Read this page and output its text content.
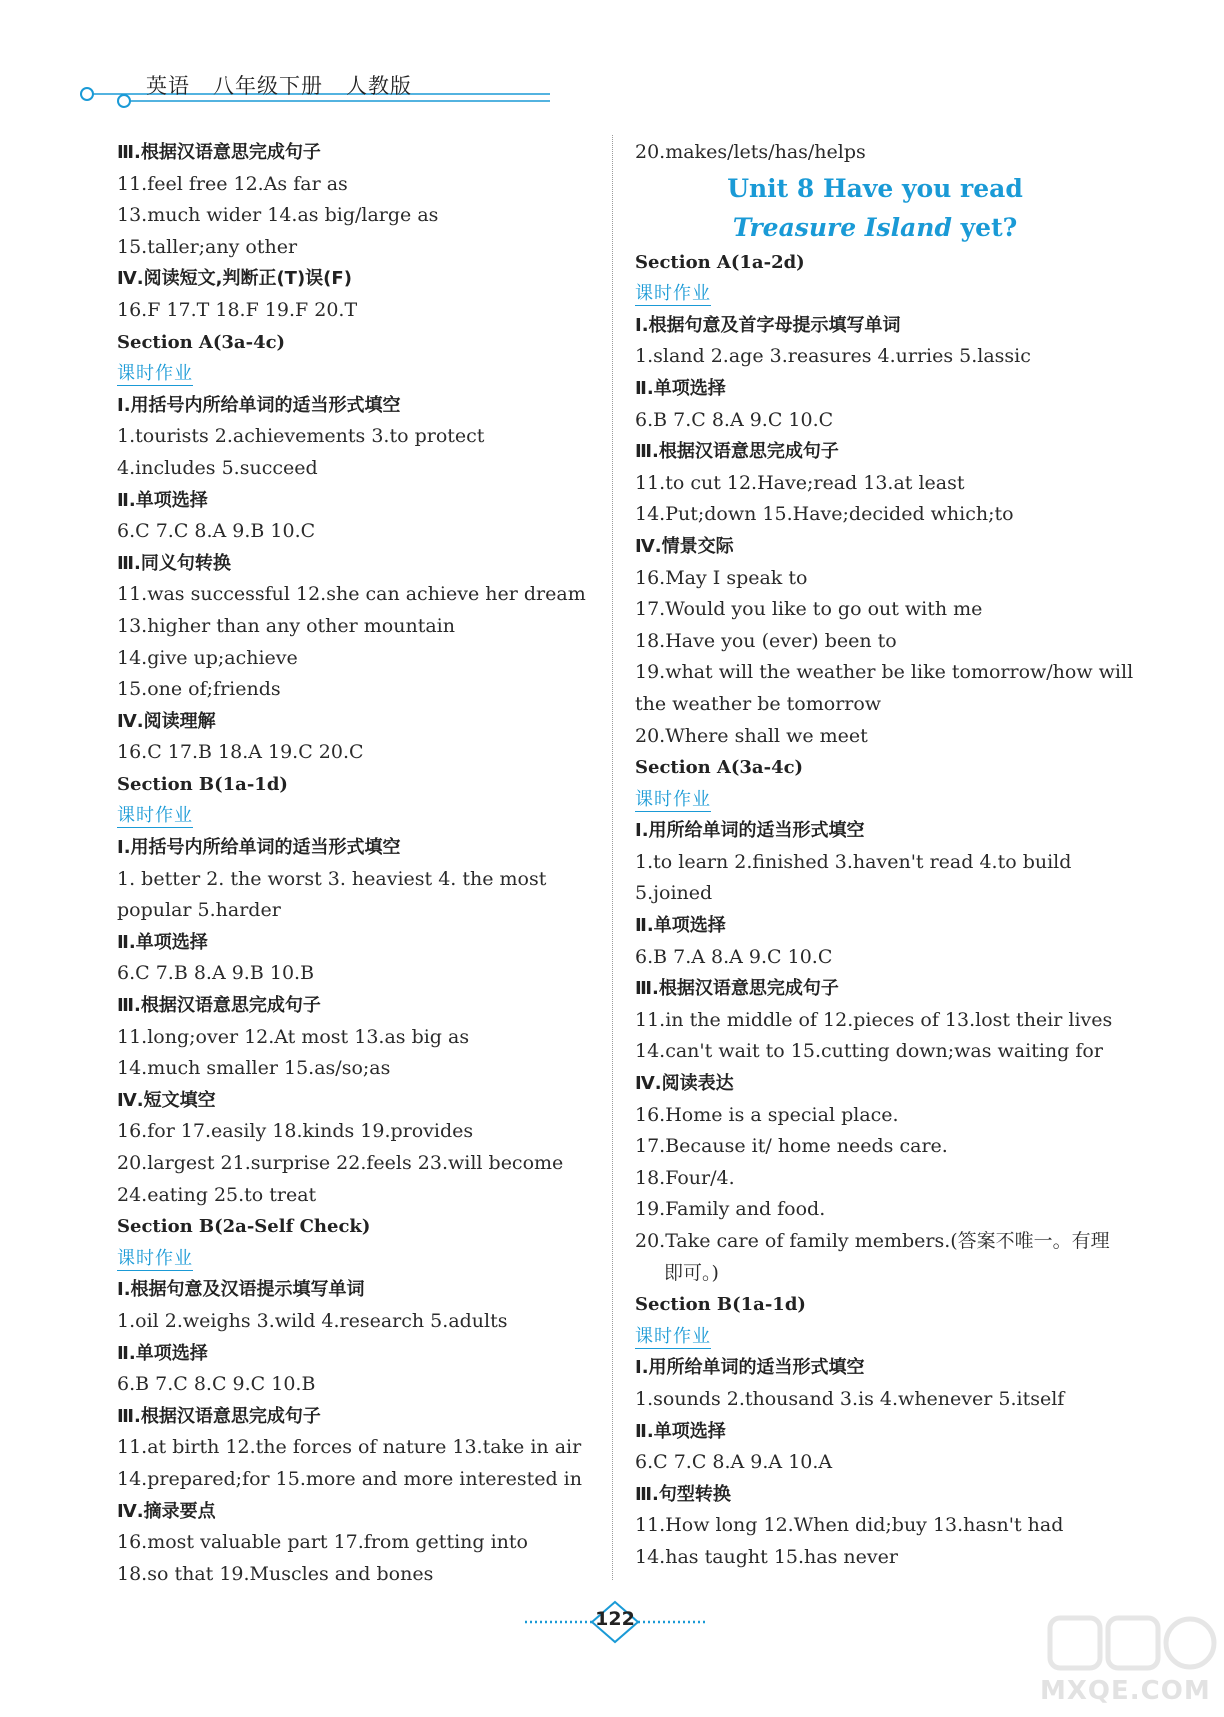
英语   八年级下册   人教版
Ⅲ.根据汉语意思完成句子
11.feel free 12.As far as
13.much wider 14.as big/large as
15.taller;any other
Ⅳ.阅读短文,判断正(T)误(F)
16.F 17.T 18.F 19.F 20.T
Section A(3a-4c)
课时作业
Ⅰ.用括号内所给单词的适当形式填空
1.tourists 2.achievements 3.to protect
4.includes 5.succeed
Ⅱ.单项选择
6.C 7.C 8.A 9.B 10.C
Ⅲ.同义句转换
11.was successful 12.she can achieve her dream
13.higher than any other mountain
14.give up;achieve
15.one of;friends
Ⅳ.阅读理解
16.C 17.B 18.A 19.C 20.C
Section B(1a-1d)
课时作业
Ⅰ.用括号内所给单词的适当形式填空
1. better 2. the worst 3. heaviest 4. the most
popular 5.harder
Ⅱ.单项选择
6.C 7.B 8.A 9.B 10.B
Ⅲ.根据汉语意思完成句子
11.long;over 12.At most 13.as big as
14.much smaller 15.as/so;as
Ⅳ.短文填空
16.for 17.easily 18.kinds 19.provides
20.largest 21.surprise 22.feels 23.will become
24.eating 25.to treat
Section B(2a-Self Check)
课时作业
Ⅰ.根据句意及汉语提示填写单词
1.oil 2.weighs 3.wild 4.research 5.adults
Ⅱ.单项选择
6.B 7.C 8.C 9.C 10.B
Ⅲ.根据汉语意思完成句子
11.at birth 12.the forces of nature 13.take in air
14.prepared;for 15.more and more interested in
Ⅳ.摘录要点
16.most valuable part 17.from getting into
18.so that 19.Muscles and bones
20.makes/lets/has/helps
Unit 8 Have you read
Treasure Island yet?
Section A(1a-2d)
课时作业
Ⅰ.根据句意及首字母提示填写单词
1.sland 2.age 3.reasures 4.urries 5.lassic
Ⅱ.单项选择
6.B 7.C 8.A 9.C 10.C
Ⅲ.根据汉语意思完成句子
11.to cut 12.Have;read 13.at least
14.Put;down 15.Have;decided which;to
Ⅳ.情景交际
16.May I speak to
17.Would you like to go out with me
18.Have you (ever) been to
19.what will the weather be like tomorrow/how will
the weather be tomorrow
20.Where shall we meet
Section A(3a-4c)
课时作业
Ⅰ.用所给单词的适当形式填空
1.to learn 2.finished 3.haven't read 4.to build
5.joined
Ⅱ.单项选择
6.B 7.A 8.A 9.C 10.C
Ⅲ.根据汉语意思完成句子
11.in the middle of 12.pieces of 13.lost their lives
14.can't wait to 15.cutting down;was waiting for
Ⅳ.阅读表达
16.Home is a special place.
17.Because it/ home needs care.
18.Four/4.
19.Family and food.
20.Take care of family members.(答案不唯一。有理
即可。)
Section B(1a-1d)
课时作业
Ⅰ.用所给单词的适当形式填空
1.sounds 2.thousand 3.is 4.whenever 5.itself
Ⅱ.单项选择
6.C 7.C 8.A 9.A 10.A
Ⅲ.句型转换
11.How long 12.When did;buy 13.hasn't had
14.has taught 15.has never
122
MXQE.COM
